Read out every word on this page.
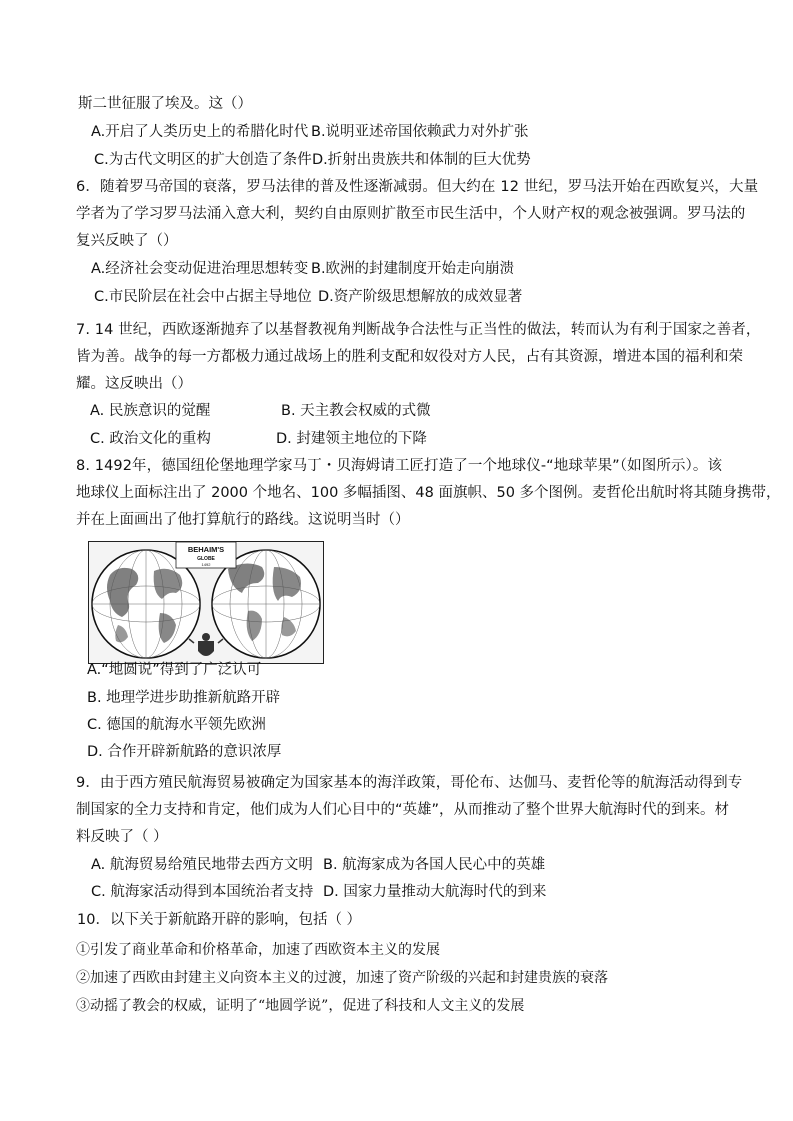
斯二世征服了埃及。这（）
A.开启了人类历史上的希腊化时代 B.说明亚述帝国依赖武力对外扩张
C.为古代文明区的扩大创造了条件 D.折射出贵族共和体制的巨大优势
6．随着罗马帝国的衰落，罗马法律的普及性逐渐减弱。但大约在 12 世纪，罗马法开始在西欧复兴，大量
学者为了学习罗马法涌入意大利，契约自由原则扩散至市民生活中，个人财产权的观念被强调。罗马法的
复兴反映了（）
A.经济社会变动促进治理思想转变 B.欧洲的封建制度开始走向崩溃
C.市民阶层在社会中占据主导地位 D.资产阶级思想解放的成效显著
7. 14 世纪，西欧逐渐抛弃了以基督教视角判断战争合法性与正当性的做法，转而认为有利于国家之善者，
皆为善。战争的每一方都极力通过战场上的胜利支配和奴役对方人民，占有其资源，增进本国的福利和荣
耀。这反映出（）
A. 民族意识的觉醒	B. 天主教会权威的式微
C. 政治文化的重构	D. 封建领主地位的下降
8. 1492年，德国纽伦堡地理学家马丁・贝海姆请工匠打造了一个地球仪-“地球苹果”（如图所示）。该
地球仪上面标注出了 2000 个地名、100 多幅插图、48 面旗帜、50 多个图例。麦哲伦出航时将其随身携带，
并在上面画出了他打算航行的路线。这说明当时（）
BEHAIM'S
GLOBE
1492
A.“地圆说”得到了广泛认可
B. 地理学进步助推新航路开辟
C. 德国的航海水平领先欧洲
D. 合作开辟新航路的意识浓厚
9．由于西方殖民航海贸易被确定为国家基本的海洋政策，哥伦布、达伽马、麦哲伦等的航海活动得到专
制国家的全力支持和肯定，他们成为人们心目中的“英雄”，从而推动了整个世界大航海时代的到来。材
料反映了（ ）
A. 航海贸易给殖民地带去西方文明 B. 航海家成为各国人民心中的英雄
C. 航海家活动得到本国统治者支持 D. 国家力量推动大航海时代的到来
10．以下关于新航路开辟的影响，包括（ ）
①引发了商业革命和价格革命，加速了西欧资本主义的发展
②加速了西欧由封建主义向资本主义的过渡，加速了资产阶级的兴起和封建贵族的衰落
③动摇了教会的权威，证明了“地圆学说”，促进了科技和人文主义的发展
